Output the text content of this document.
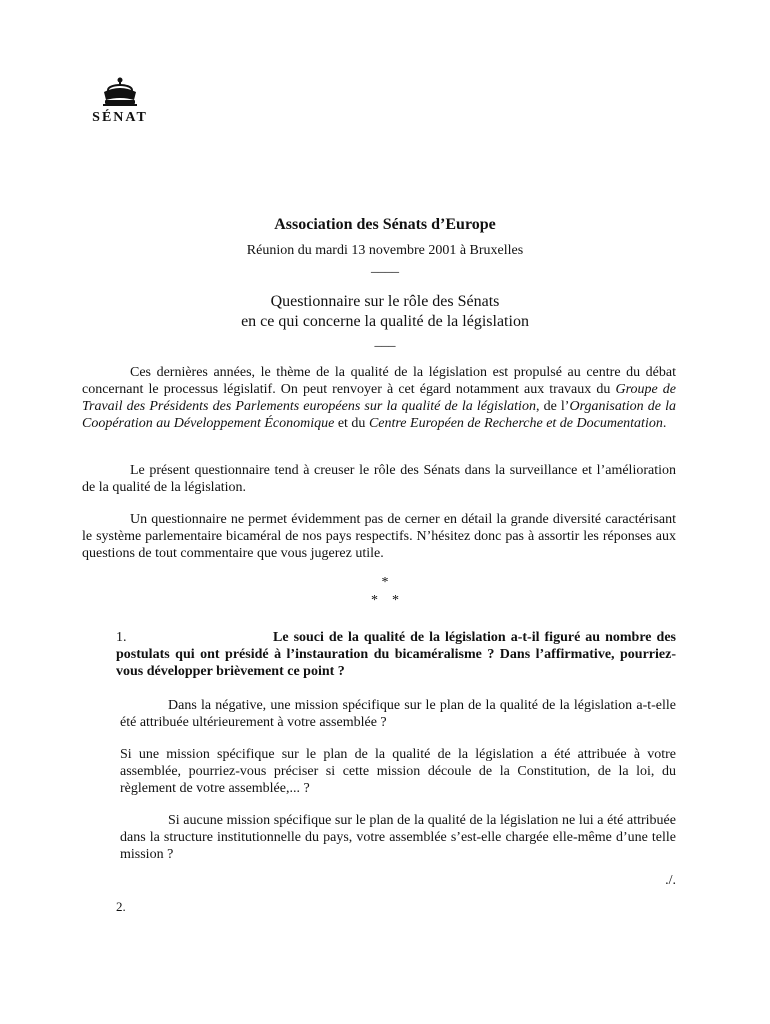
SÉNAT
Association des Sénats d’Europe
Réunion du mardi 13 novembre 2001 à Bruxelles
____
Questionnaire sur le rôle des Sénats
en ce qui concerne la qualité de la législation
___
Ces dernières années, le thème de la qualité de la législation est propulsé au centre du débat concernant le processus législatif. On peut renvoyer à cet égard notamment aux travaux du Groupe de Travail des Présidents des Parlements européens sur la qualité de la législation, de l’Organisation de la Coopération au Développement Économique et du Centre Européen de Recherche et de Documentation.
Le présent questionnaire tend à creuser le rôle des Sénats dans la surveillance et l’amélioration de la qualité de la législation.
Un questionnaire ne permet évidemment pas de cerner en détail la grande diversité caractérisant le système parlementaire bicaméral de nos pays respectifs. N’hésitez donc pas à assortir les réponses aux questions de tout commentaire que vous jugerez utile.
*
*    *
1.	Le souci de la qualité de la législation a-t-il figuré au nombre des postulats qui ont présidé à l’instauration du bicaméralisme ? Dans l’affirmative, pourriez-vous développer brièvement ce point ?
Dans la négative, une mission spécifique sur le plan de la qualité de la législation a-t-elle été attribuée ultérieurement à votre assemblée ?
Si une mission spécifique sur le plan de la qualité de la législation a été attribuée à votre assemblée, pourriez-vous préciser si cette mission découle de la Constitution, de la loi, du règlement de votre assemblée,... ?
Si aucune mission spécifique sur le plan de la qualité de la législation ne lui a été attribuée dans la structure institutionnelle du pays, votre assemblée s’est-elle chargée elle-même d’une telle mission ?
./.
2.
